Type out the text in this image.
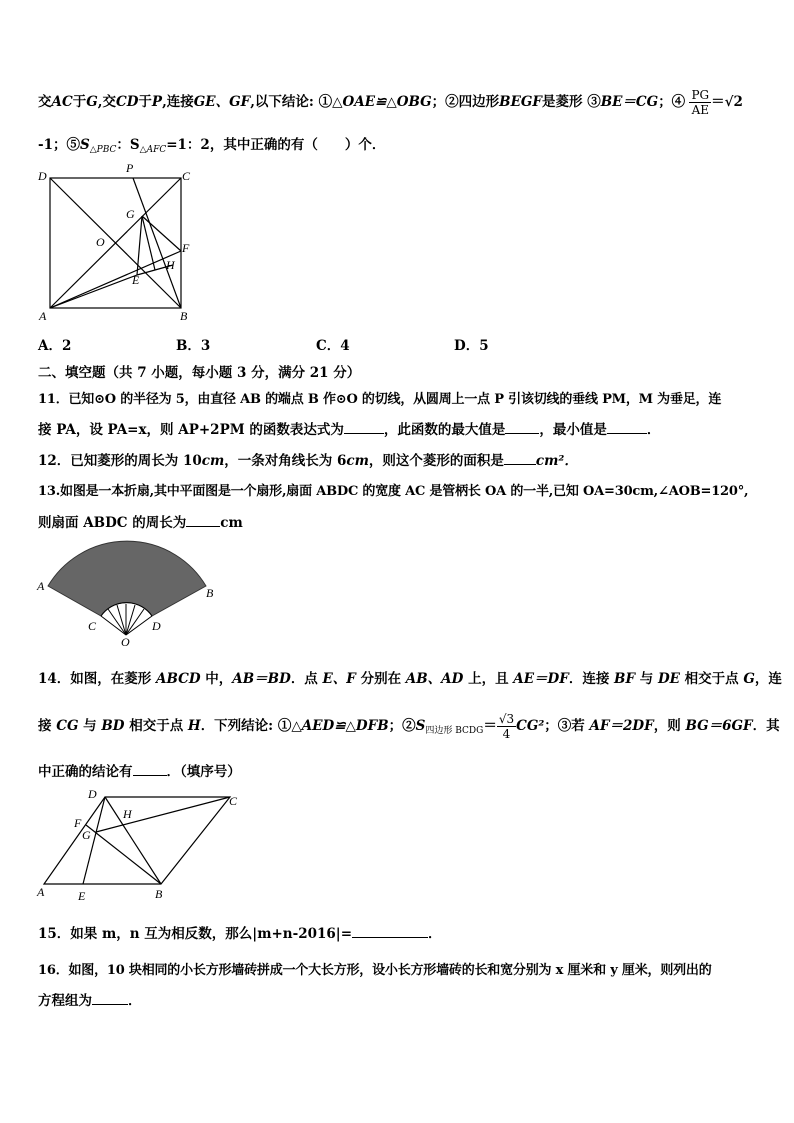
交AC于G,交CD于P,连接GE、GF,以下结论: ①△OAE≌△OBG；②四边形BEGF是菱形 ③BE＝CG；④ $\frac{PG}{AE} =√2$
-1；$⑤S_{\triangle PBC}$：$S_{\triangle AFC}=1$：2，其中正确的有（　　）个．
D
P
C
G
O	F
H
E
A	B
A．2	B．3	C．4	D．5
二、填空题（共 7 小题，每小题 3 分，满分 21 分）
11．已知⊙O 的半径为 5，由直径 AB 的端点 B 作⊙O 的切线，从圆周上一点 P 引该切线的垂线 PM，M 为垂足，连
接 PA，设 PA=x，则 AP+2PM 的函数表达式为	，此函数的最大值是	，最小值是	．
12．已知菱形的周长为 10cm，一条对角线长为 6cm，则这个菱形的面积是 cm²．
13.如图是一本折扇,其中平面图是一个扇形,扇面 ABDC 的宽度 AC 是管柄长 OA 的一半,已知 OA=30cm,∠AOB=120°,
则扇面 ABDC 的周长为	cm
A	B
C	D
O
14．如图，在菱形 ABCD 中，AB＝BD．点 E、F 分别在 AB、AD 上，且 AE＝DF．连接 BF 与 DE 相交于点 G，连
接 CG 与 BD 相交于点 H．下列结论: ①△AED≌△DFB；$②S_{四边形 BCDG}= \frac{√3}{4} CG^2$；③若 AF＝2DF，则 BG＝6GF．其
中正确的结论有	．（填序号）
D	C
F
G
H
A	E	B
15．如果 m，n 互为相反数，那么|m+n-2016|=	．
16．如图，10 块相同的小长方形墙砖拼成一个大长方形，设小长方形墙砖的长和宽分别为 x 厘米和 y 厘米，则列出的
方程组为	．
